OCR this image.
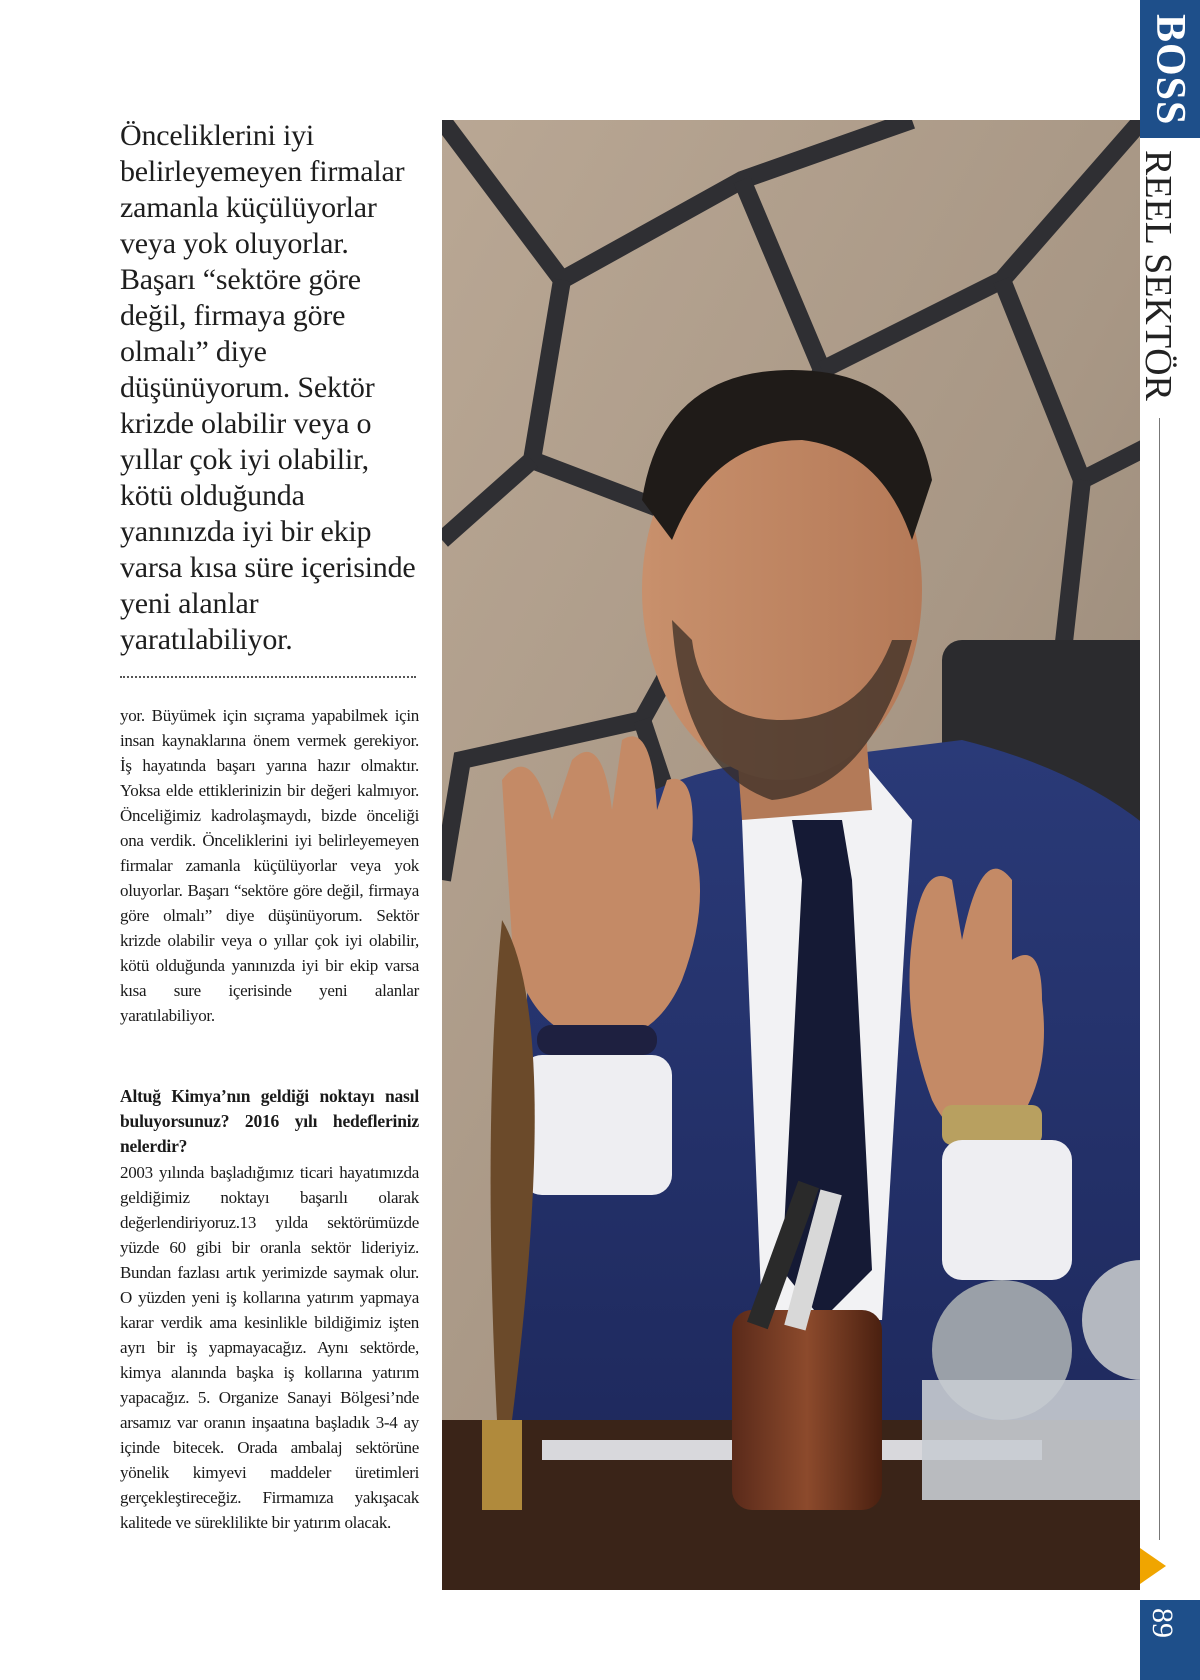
Önceliklerini iyi belirleyemeyen firmalar zamanla küçülüyorlar veya yok oluyorlar. Başarı “sektöre göre değil, firmaya göre olmalı” diye düşünüyorum. Sektör krizde olabilir veya o yıllar çok iyi olabilir, kötü olduğunda yanınızda iyi bir ekip varsa kısa süre içerisinde yeni alanlar yaratılabiliyor.
yor. Büyümek için sıçrama yapabilmek için insan kaynaklarına önem vermek gerekiyor. İş hayatında başarı yarına hazır olmaktır. Yoksa elde ettiklerinizin bir değeri kalmıyor. Önceliğimiz kadrolaşmaydı, bizde önceliği ona verdik. Önceliklerini iyi belirleyemeyen firmalar zamanla küçülüyorlar veya yok oluyorlar. Başarı “sektöre göre değil, firmaya göre olmalı” diye düşünüyorum. Sektör krizde olabilir veya o yıllar çok iyi olabilir, kötü olduğunda yanınızda iyi bir ekip varsa kısa sure içerisinde yeni alanlar yaratılabiliyor.
Altuğ Kimya’nın geldiği noktayı nasıl buluyorsunuz? 2016 yılı hedefleriniz nelerdir?
2003 yılında başladığımız ticari hayatımızda geldiğimiz noktayı başarılı olarak değerlendiriyoruz.13 yılda sektörümüzde yüzde 60 gibi bir oranla sektör lideriyiz. Bundan fazlası artık yerimizde saymak olur. O yüzden yeni iş kollarına yatırım yapmaya karar verdik ama kesinlikle bildiğimiz işten ayrı bir iş yapmayacağız. Aynı sektörde, kimya alanında başka iş kollarına yatırım yapacağız. 5. Organize Sanayi Bölgesi’nde arsamız var oranın inşaatına başladık 3-4 ay içinde bitecek. Orada ambalaj sektörüne yönelik kimyevi maddeler üretimleri gerçekleştireceğiz. Firmamıza yakışacak kalitede ve süreklilikte bir yatırım olacak.
BOSS
REEL SEKTÖR
89
